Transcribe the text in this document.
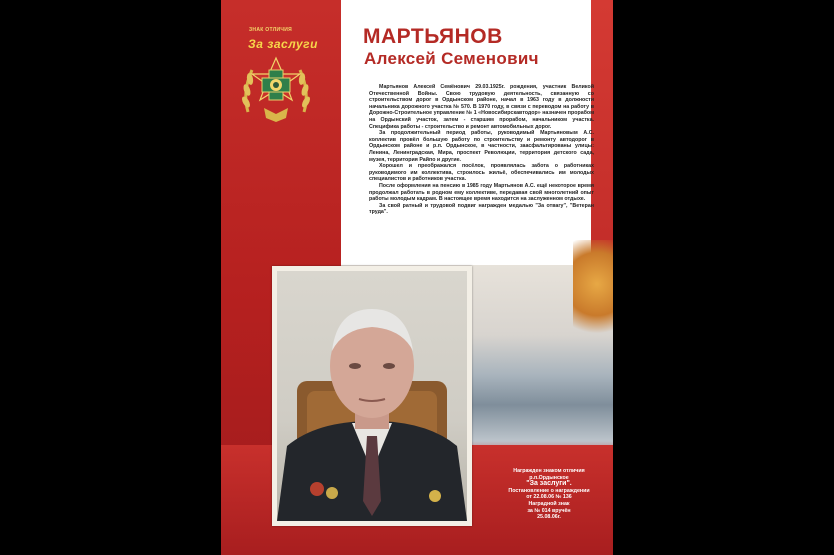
ЗНАК ОТЛИЧИЯ
За заслуги МАРТЬЯНОВ
Алексей Семенович

Мартьянов Алексей Семёнович 29.03.1925г. рождения, участник Великой Отечественной Войны. Свою трудовую деятельность, связанную со строительством дорог в Ордынском районе, начал в 1963 году в должности начальника дорожного участка № 570. В 1970 году, в связи с переводом на работу в Дорожно-Строительное управление № 1 «Новосибирскавтодор» назначен прорабом на Ордынский участок, затем - старшим прорабом, начальником участка. Специфика работы - строительство и ремонт автомобильных дорог.

За продолжительный период работы, руководимый Мартьяновым А.С. коллектив провёл большую работу по строительству и ремонту автодорог в Ордынском районе и р.п. Ордынское, в частности, заасфальтированы улицы: Ленина, Ленинградская, Мира, проспект Революции, территория детского сада, музея, территория Райпо и другие.

Хорошел и преображался посёлок, проявлялась забота о работниках руководимого им коллектива, строилось жильё, обеспечивались им молодых специалистов и работников участка.

После оформления на пенсию в 1985 году Мартьянов А.С. ещё некоторое время продолжал работать в родном ему коллективе, передавая свой многолетний опыт работы молодым кадрам. В настоящее время находится на заслуженном отдыхе.

За свой ратный и трудовой подвиг награжден медалью "За отвагу", "Ветеран труда".

Награжден знаком отличия
р.п.Ордынское
"За заслуги".
Постановление о награждении
от 22.08.06 № 136
Наградной знак
за № 014 вручён
25.08.06г.
